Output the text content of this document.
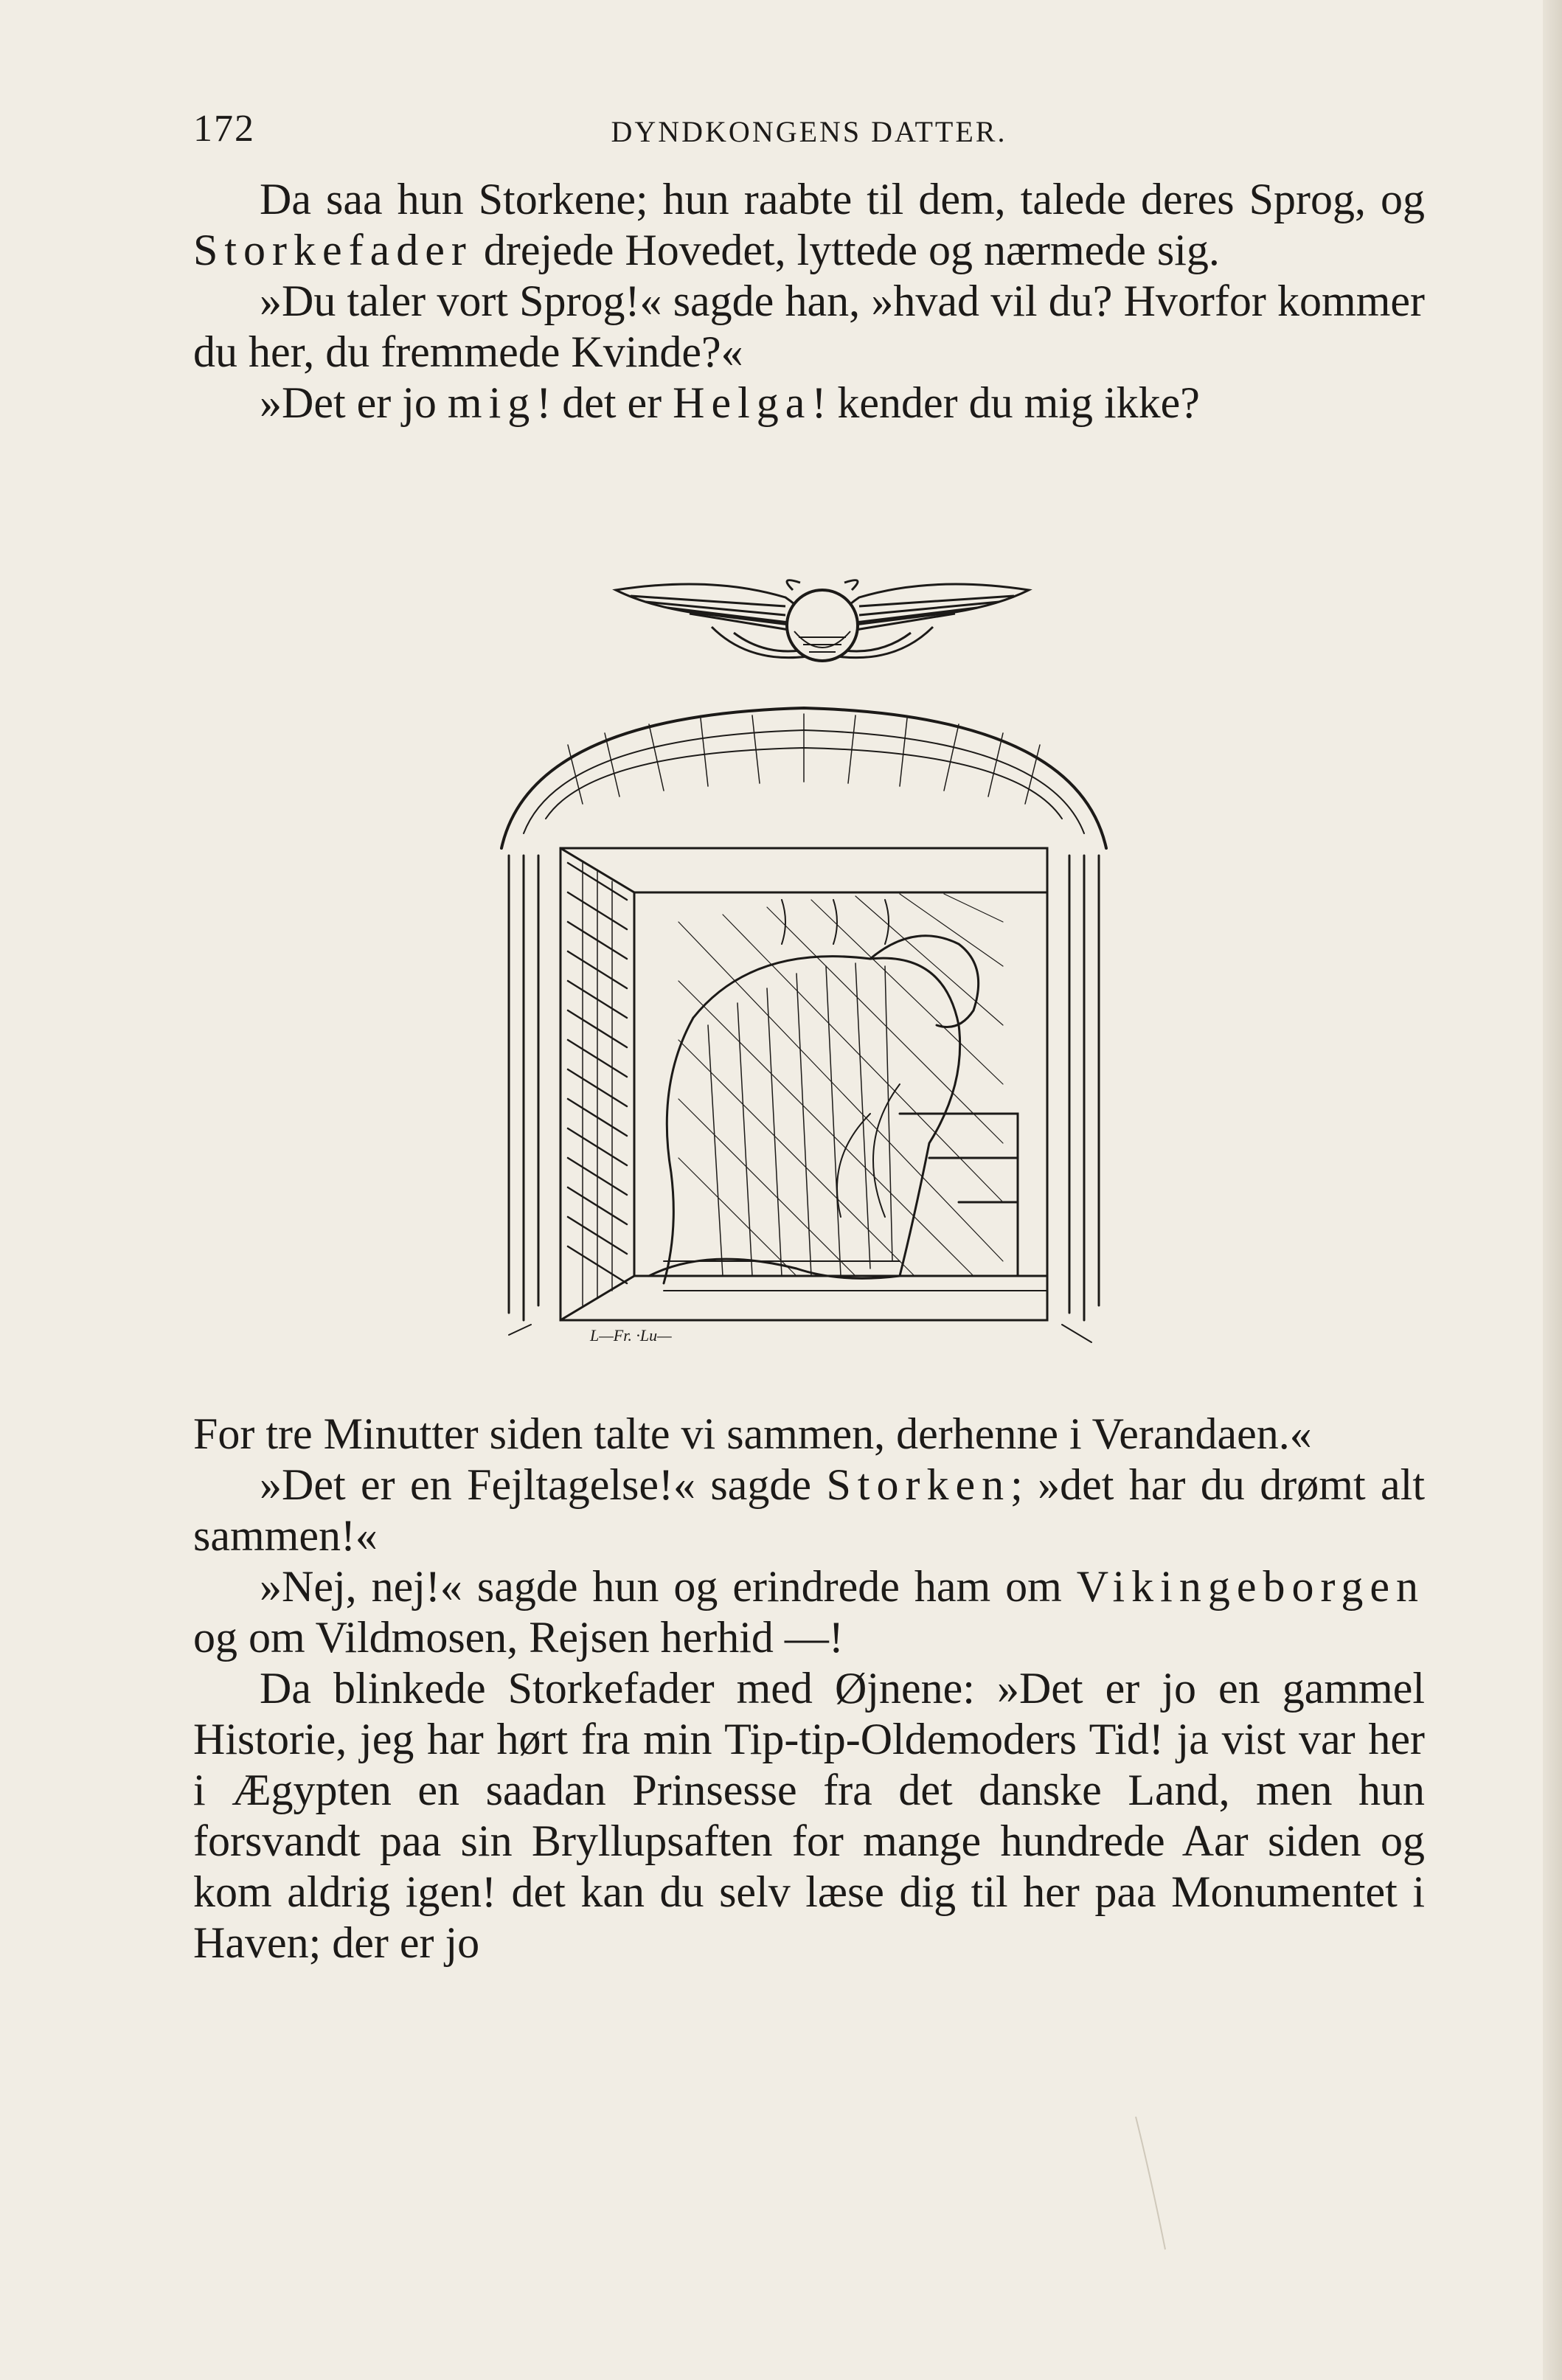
172	DYNDKONGENS DATTER.

Da saa hun Storkene; hun raabte til dem, talede deres Sprog, og Storkefader drejede Hovedet, lyttede og nærmede sig.

»Du taler vort Sprog!« sagde han, »hvad vil du? Hvorfor kommer du her, du fremmede Kvinde?«

»Det er jo mig! det er Helga! kender du mig ikke?

L—Fr. ·Lu—

For tre Minutter siden talte vi sammen, derhenne i Verandaen.«

»Det er en Fejltagelse!« sagde Storken; »det har du drømt alt sammen!«

»Nej, nej!« sagde hun og erindrede ham om Vikingeborgen og om Vildmosen, Rejsen herhid —!

Da blinkede Storkefader med Øjnene: »Det er jo en gammel Historie, jeg har hørt fra min Tip-tip-Oldemoders Tid! ja vist var her i Ægypten en saadan Prinsesse fra det danske Land, men hun forsvandt paa sin Bryllupsaften for mange hundrede Aar siden og kom aldrig igen! det kan du selv læse dig til her paa Monumentet i Haven; der er jo
